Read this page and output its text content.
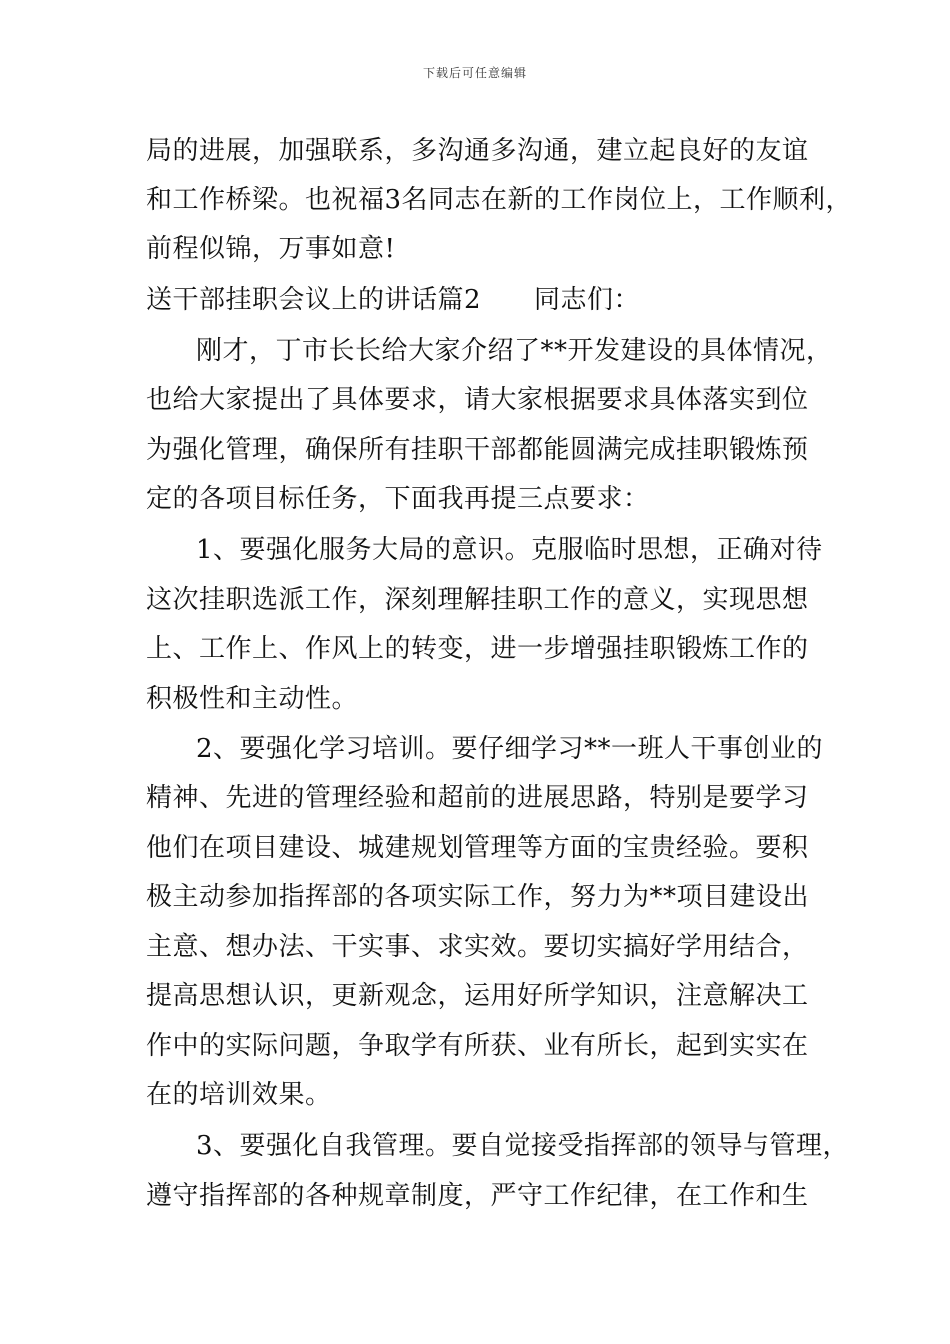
下载后可任意编辑
局的进展，加强联系，多沟通多沟通，建立起良好的友谊
和工作桥梁。也祝福3名同志在新的工作岗位上，工作顺利，
前程似锦，万事如意!
送干部挂职会议上的讲话篇2　　同志们：
刚才，丁市长长给大家介绍了**开发建设的具体情况，
也给大家提出了具体要求，请大家根据要求具体落实到位
为强化管理，确保所有挂职干部都能圆满完成挂职锻炼预
定的各项目标任务，下面我再提三点要求：
1、要强化服务大局的意识。克服临时思想，正确对待
这次挂职选派工作，深刻理解挂职工作的意义，实现思想
上、工作上、作风上的转变，进一步增强挂职锻炼工作的
积极性和主动性。
2、要强化学习培训。要仔细学习**一班人干事创业的
精神、先进的管理经验和超前的进展思路，特别是要学习
他们在项目建设、城建规划管理等方面的宝贵经验。要积
极主动参加指挥部的各项实际工作，努力为**项目建设出
主意、想办法、干实事、求实效。要切实搞好学用结合，
提高思想认识，更新观念，运用好所学知识，注意解决工
作中的实际问题，争取学有所获、业有所长，起到实实在
在的培训效果。
3、要强化自我管理。要自觉接受指挥部的领导与管理，
遵守指挥部的各种规章制度，严守工作纪律，在工作和生
